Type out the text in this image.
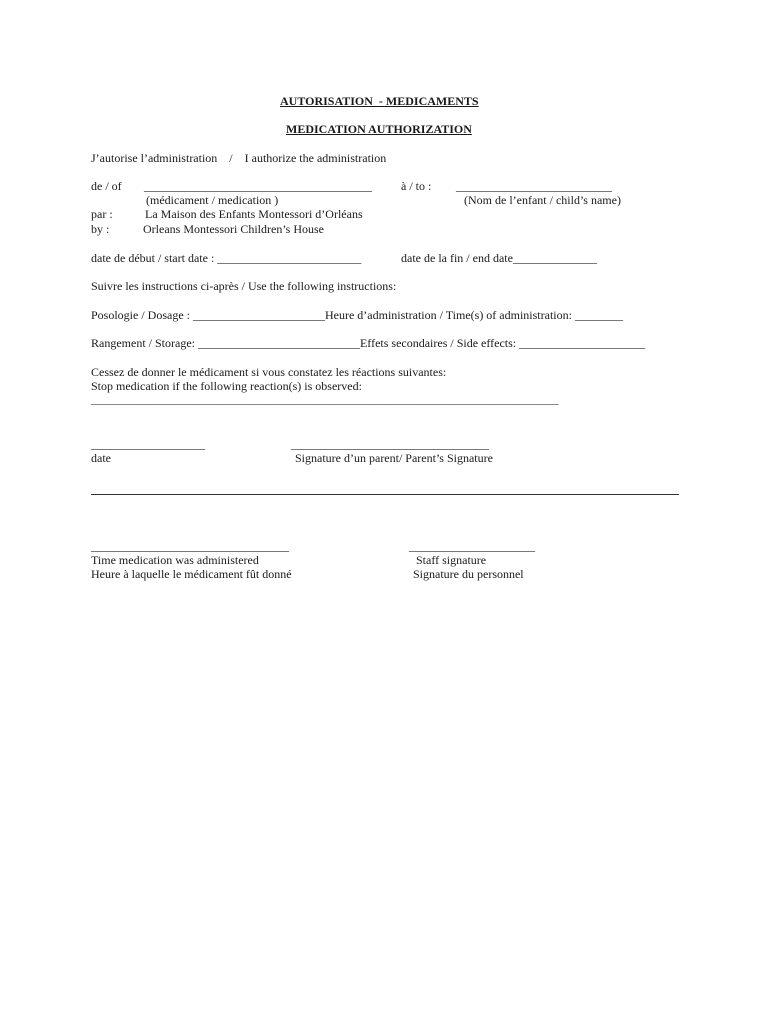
AUTORISATION  - MEDICAMENTS
MEDICATION AUTHORIZATION
J’autorise l’administration    /    I authorize the administration
de / of ______________________________________ à / to : __________________________
(médicament / medication )	(Nom de l’enfant / child’s name)
par :	La Maison des Enfants Montessori d’Orléans
by :	Orleans Montessori Children’s House
date de début / start date : ________________________	date de la fin / end date______________
Suivre les instructions ci-après / Use the following instructions:
Posologie / Dosage : ______________________Heure d’administration / Time(s) of administration: ________
Rangement / Storage: ___________________________Effets secondaires / Side effects: _____________________
Cessez de donner le médicament si vous constatez les réactions suivantes:
Stop medication if the following reaction(s) is observed:
__________________________________________________________________________________________
___________________	_________________________________
date	Signature d’un parent/ Parent’s Signature
_________________________________	_____________________
Time medication was administered	Staff signature
Heure à laquelle le médicament fût donné	Signature du personnel
